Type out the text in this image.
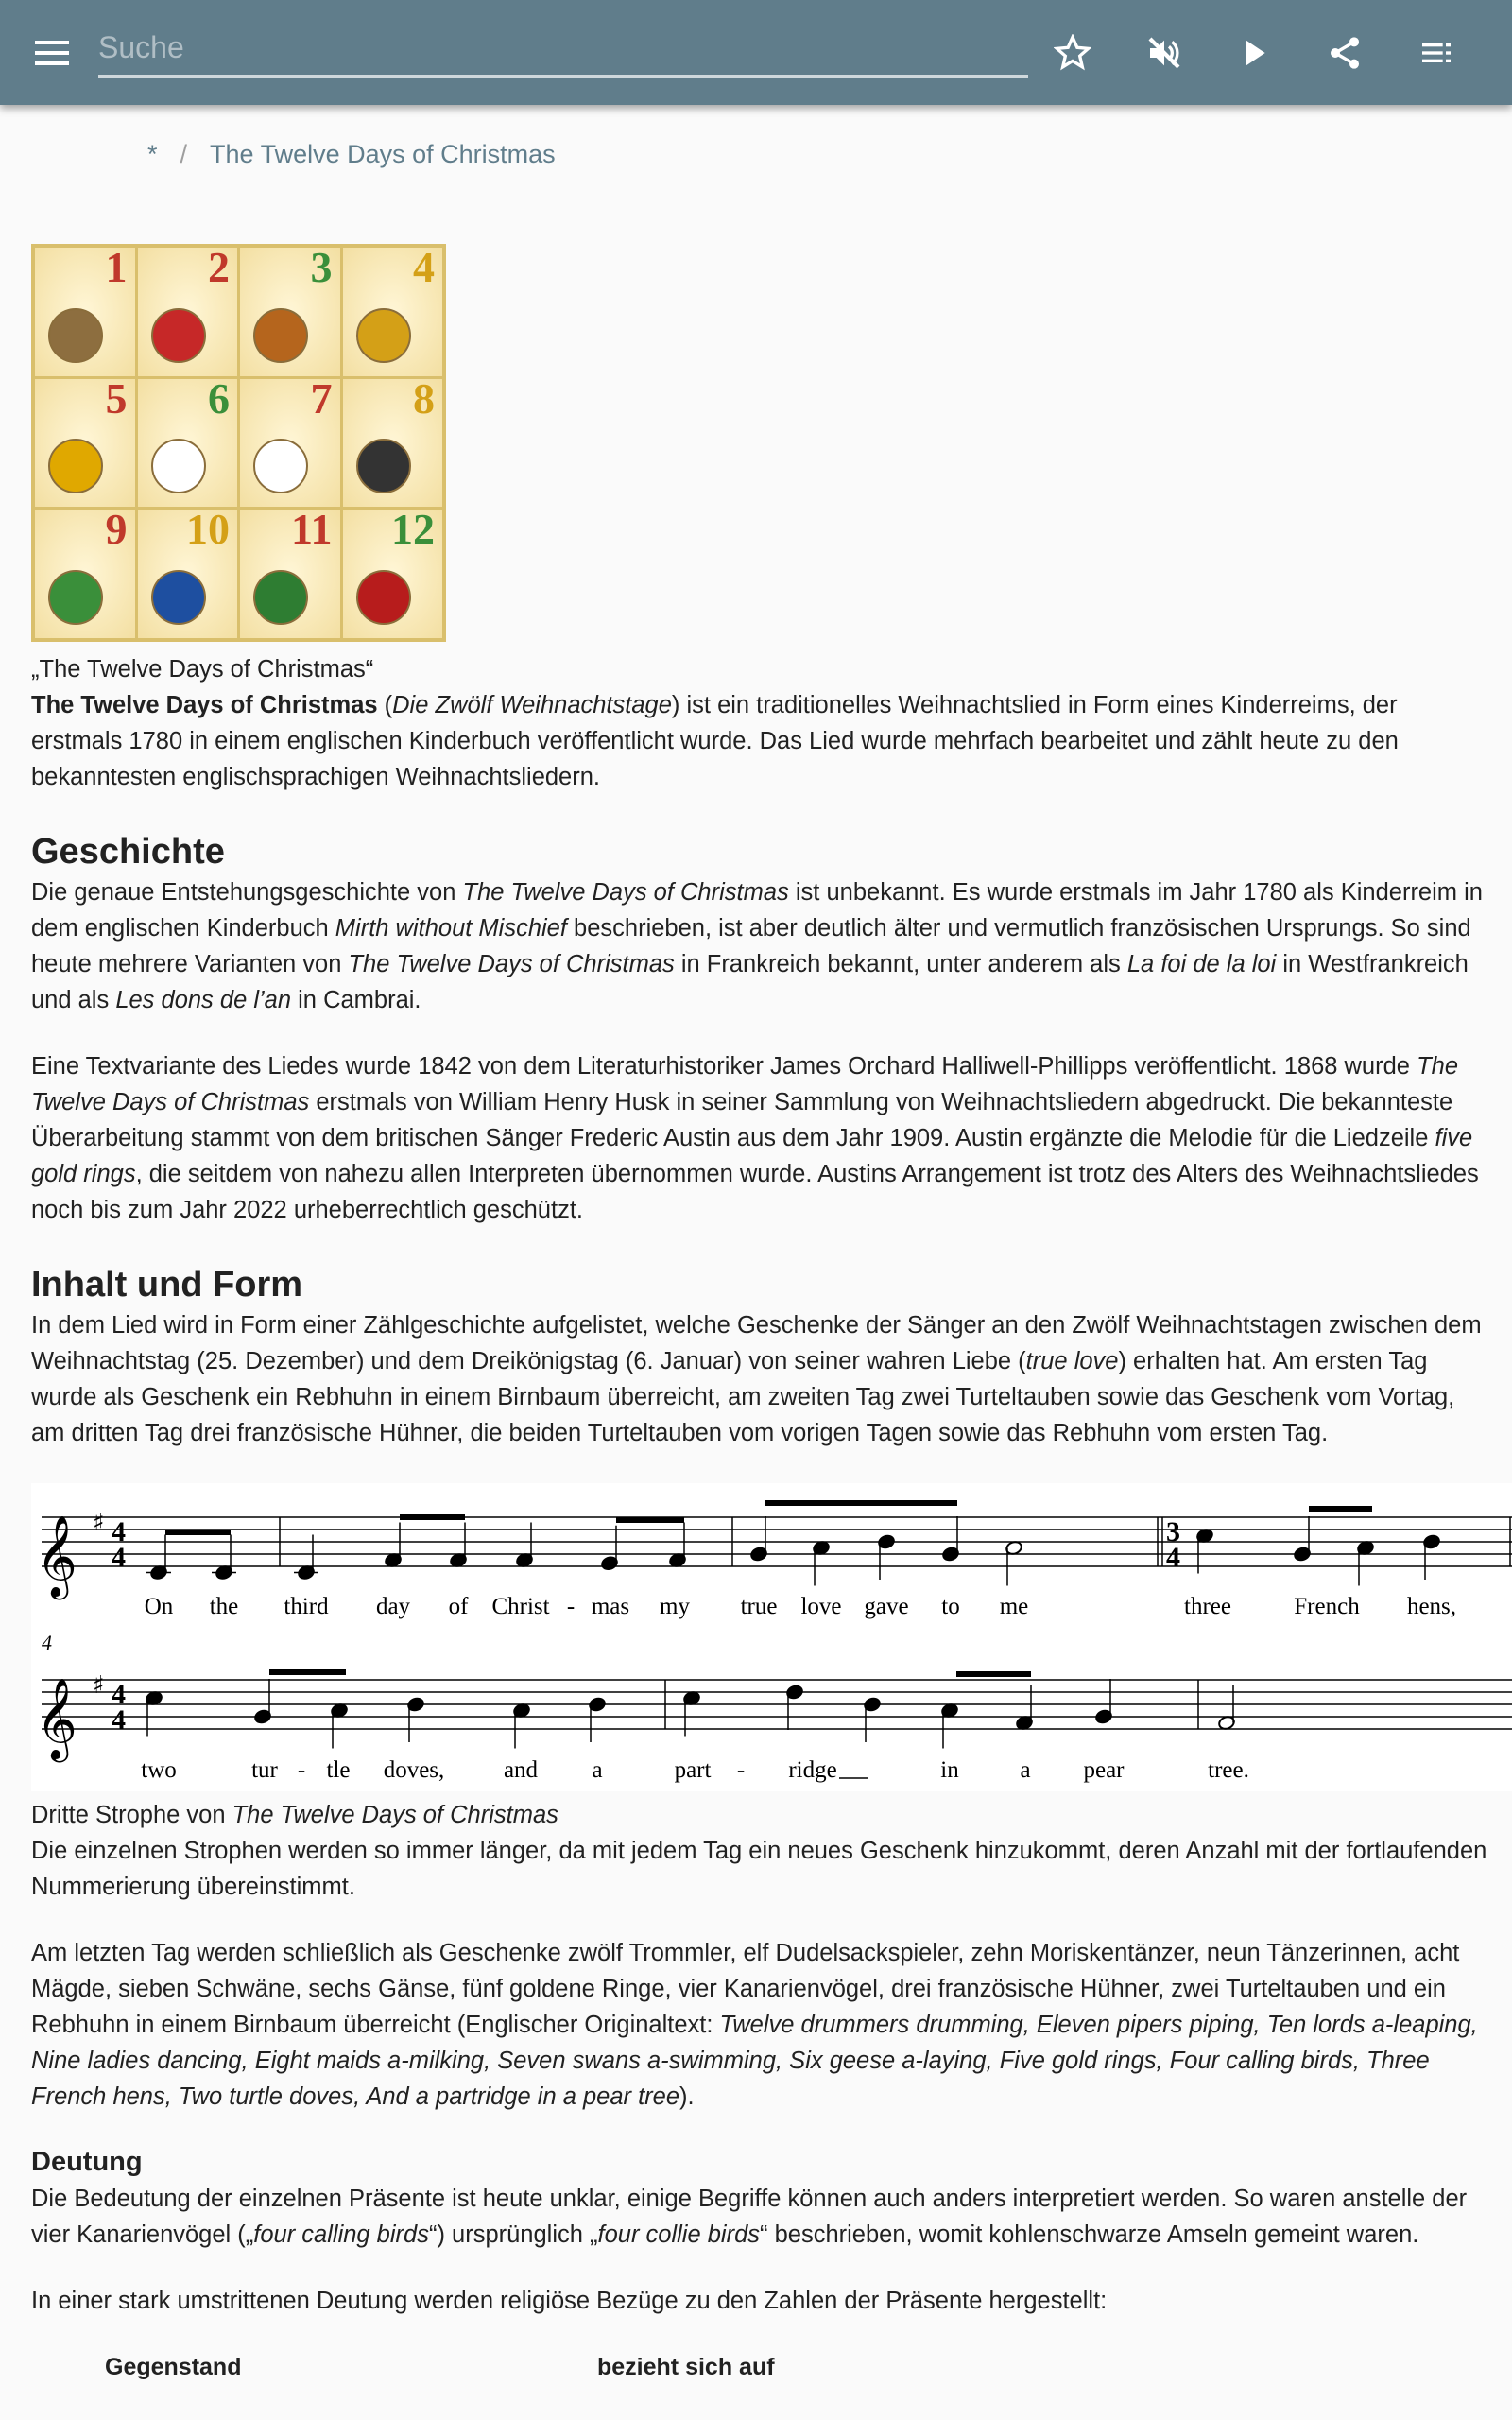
Suche
* / The Twelve Days of Christmas
1 2 3 4
5 6 7 8
9 10 11 12
„The Twelve Days of Christmas“

The Twelve Days of Christmas (Die Zwölf Weihnachtstage) ist ein traditionelles Weihnachtslied in Form eines Kinderreims, der erstmals 1780 in einem englischen Kinderbuch veröffentlicht wurde. Das Lied wurde mehrfach bearbeitet und zählt heute zu den bekanntesten englischsprachigen Weihnachtsliedern.

Geschichte

Die genaue Entstehungsgeschichte von The Twelve Days of Christmas ist unbekannt. Es wurde erstmals im Jahr 1780 als Kinderreim in dem englischen Kinderbuch Mirth without Mischief beschrieben, ist aber deutlich älter und vermutlich französischen Ursprungs. So sind heute mehrere Varianten von The Twelve Days of Christmas in Frankreich bekannt, unter anderem als La foi de la loi in Westfrankreich und als Les dons de l’an in Cambrai.

Eine Textvariante des Liedes wurde 1842 von dem Literaturhistoriker James Orchard Halliwell-Phillipps veröffentlicht. 1868 wurde The Twelve Days of Christmas erstmals von William Henry Husk in seiner Sammlung von Weihnachtsliedern abgedruckt. Die bekannteste Überarbeitung stammt von dem britischen Sänger Frederic Austin aus dem Jahr 1909. Austin ergänzte die Melodie für die Liedzeile five gold rings, die seitdem von nahezu allen Interpreten übernommen wurde. Austins Arrangement ist trotz des Alters des Weihnachtsliedes noch bis zum Jahr 2022 urheberrechtlich geschützt.

Inhalt und Form

In dem Lied wird in Form einer Zählgeschichte aufgelistet, welche Geschenke der Sänger an den Zwölf Weihnachtstagen zwischen dem Weihnachtstag (25. Dezember) und dem Dreikönigstag (6. Januar) von seiner wahren Liebe (true love) erhalten hat. Am ersten Tag wurde als Geschenk ein Rebhuhn in einem Birnbaum überreicht, am zweiten Tag zwei Turteltauben sowie das Geschenk vom Vortag, am dritten Tag drei französische Hühner, die beiden Turteltauben vom vorigen Tagen sowie das Rebhuhn vom ersten Tag.

𝄞 ♯ 4
4
𝄞 ♯ 4
4
3
4
4
On the third day of Christ - mas my true love gave to me	three	French hens,
two	tur - tle doves,	and a	part - ridge	in	a pear	tree.
Dritte Strophe von The Twelve Days of Christmas

Die einzelnen Strophen werden so immer länger, da mit jedem Tag ein neues Geschenk hinzukommt, deren Anzahl mit der fortlaufenden Nummerierung übereinstimmt.

Am letzten Tag werden schließlich als Geschenke zwölf Trommler, elf Dudelsackspieler, zehn Moriskentänzer, neun Tänzerinnen, acht Mägde, sieben Schwäne, sechs Gänse, fünf goldene Ringe, vier Kanarienvögel, drei französische Hühner, zwei Turteltauben und ein Rebhuhn in einem Birnbaum überreicht (Englischer Originaltext: Twelve drummers drumming, Eleven pipers piping, Ten lords a-leaping, Nine ladies dancing, Eight maids a-milking, Seven swans a-swimming, Six geese a-laying, Five gold rings, Four calling birds, Three French hens, Two turtle doves, And a partridge in a pear tree).

Deutung

Die Bedeutung der einzelnen Präsente ist heute unklar, einige Begriffe können auch anders interpretiert werden. So waren anstelle der vier Kanarienvögel („four calling birds“) ursprünglich „four collie birds“ beschrieben, womit kohlenschwarze Amseln gemeint waren.

In einer stark umstrittenen Deutung werden religiöse Bezüge zu den Zahlen der Präsente hergestellt:

Gegenstand	bezieht sich auf
